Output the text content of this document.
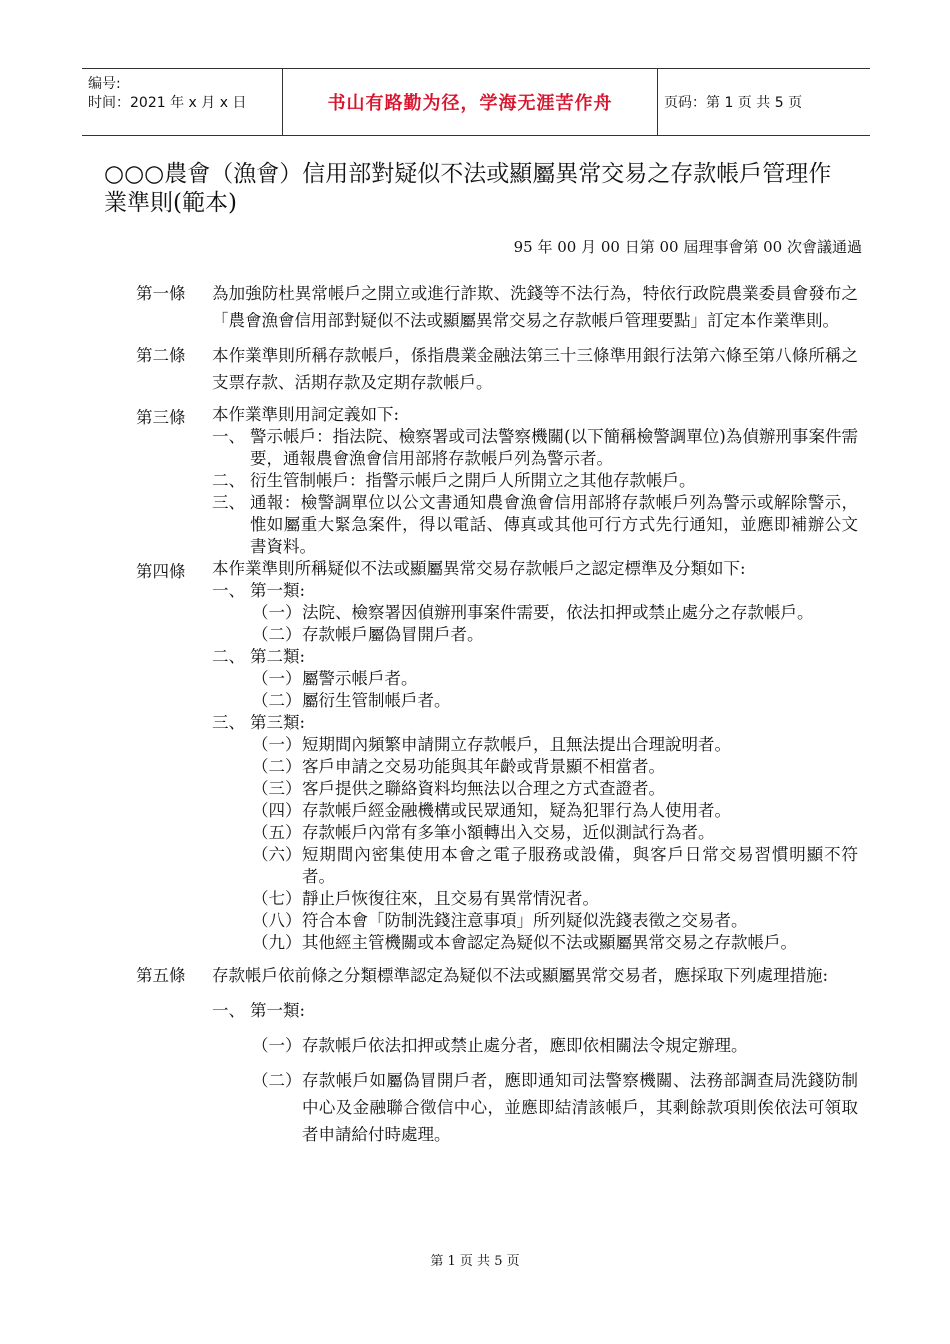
编号:
时间：2021 年 x 月 x 日	书山有路勤为径，学海无涯苦作舟	页码：第 1 页 共 5 页
○○○農會（漁會）信用部對疑似不法或顯屬異常交易之存款帳戶管理作業準則(範本)
95 年 00 月 00 日第 00 屆理事會第 00 次會議通過
第一條 為加強防杜異常帳戶之開立或進行詐欺、洗錢等不法行為，特依行政院農業委員會發布之「農會漁會信用部對疑似不法或顯屬異常交易之存款帳戶管理要點」訂定本作業準則。
第二條 本作業準則所稱存款帳戶，係指農業金融法第三十三條準用銀行法第六條至第八條所稱之支票存款、活期存款及定期存款帳戶。
第三條 本作業準則用詞定義如下:
一、 警示帳戶：指法院、檢察署或司法警察機關(以下簡稱檢警調單位)為偵辦刑事案件需要，通報農會漁會信用部將存款帳戶列為警示者。
二、 衍生管制帳戶：指警示帳戶之開戶人所開立之其他存款帳戶。
三、 通報：檢警調單位以公文書通知農會漁會信用部將存款帳戶列為警示或解除警示，惟如屬重大緊急案件，得以電話、傳真或其他可行方式先行通知，並應即補辦公文書資料。
第四條 本作業準則所稱疑似不法或顯屬異常交易存款帳戶之認定標準及分類如下:
一、 第一類:
（一） 法院、檢察署因偵辦刑事案件需要，依法扣押或禁止處分之存款帳戶。
（二） 存款帳戶屬偽冒開戶者。
二、 第二類:
（一） 屬警示帳戶者。
（二） 屬衍生管制帳戶者。
三、 第三類:
（一） 短期間內頻繁申請開立存款帳戶，且無法提出合理說明者。
（二） 客戶申請之交易功能與其年齡或背景顯不相當者。
（三） 客戶提供之聯絡資料均無法以合理之方式查證者。
（四） 存款帳戶經金融機構或民眾通知，疑為犯罪行為人使用者。
（五） 存款帳戶內常有多筆小額轉出入交易，近似測試行為者。
（六） 短期間內密集使用本會之電子服務或設備，與客戶日常交易習慣明顯不符者。
（七） 靜止戶恢復往來，且交易有異常情況者。
（八） 符合本會「防制洗錢注意事項」所列疑似洗錢表徵之交易者。
（九） 其他經主管機關或本會認定為疑似不法或顯屬異常交易之存款帳戶。
第五條 存款帳戶依前條之分類標準認定為疑似不法或顯屬異常交易者，應採取下列處理措施:
一、 第一類:
（一） 存款帳戶依法扣押或禁止處分者，應即依相關法令規定辦理。
（二） 存款帳戶如屬偽冒開戶者，應即通知司法警察機關、法務部調查局洗錢防制中心及金融聯合徵信中心，並應即結清該帳戶，其剩餘款項則俟依法可領取者申請給付時處理。
第 1 页 共 5 页
